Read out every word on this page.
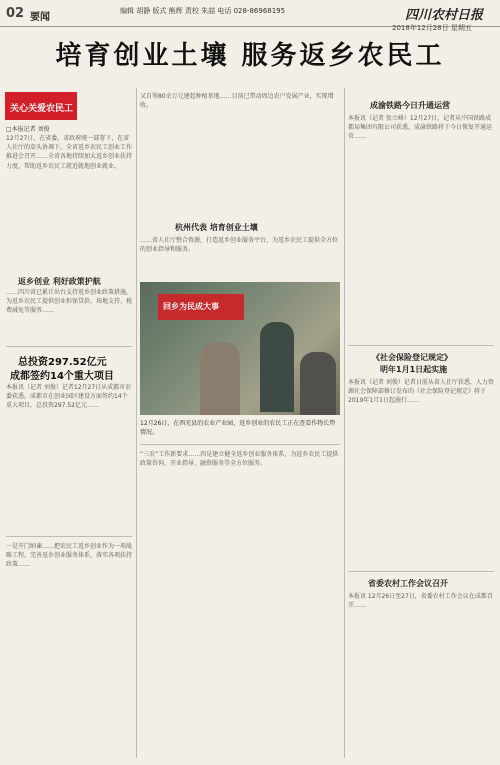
02 要闻
编辑 胡静 版式 熊辉 责校 朱喆 电话 028-86968195	四川农村日报
2018年12月28日 星期五
培育创业土壤 服务返乡农民工
关心关爱农民工
□本报记者 刘俊
12月27日，在省委、省政府统一部署下，在省人社厅的牵头协调下，全省返乡农民工创业工作推进会召开……全省各地持续加大返乡创业扶持力度，帮助返乡农民工就近就地创业就业。
返乡创业 利好政策护航
……四川省已累计出台支持返乡创业政策措施，为返乡农民工提供创业担保贷款、场地支持、税费减免等服务……
总投资297.52亿元
成都签约14个重大项目
本报讯（记者 刘俊）记者12月27日从成都市农委获悉，成都市在创业园区建设方面签约14个重大项目，总投资297.52亿元……
一是开门纳谏……把农民工返乡创业作为一项战略工程，完善返乡创业服务体系，落实各项扶持政策……
又自筹80余万元建起种植基地……目前已带动周边农户发展产业，实现增收。
杭州代表 培育创业土壤
……省人社厅整合资源，打造返乡创业服务平台，为返乡农民工提供全方位的创业指导和服务。
回乡为民成大事
12月26日，在西充县的农业产业园，返乡创业的农民工正在查看作物长势情况。
“三农”工作新要求……四是建立健全返乡创业服务体系，为返乡农民工提供政策咨询、开业指导、融资服务等全方位服务。
成渝铁路今日升通运营
本报讯（记者 张立峰）12月27日，记者从中国铁路成都局集团有限公司获悉，成渝铁路将于今日恢复开通运营……
《社会保险登记规定》
明年1月1日起实施
本报讯（记者 刘俊）记者日前从省人社厅获悉，人力资源社会保障部修订发布的《社会保险登记规定》将于2019年1月1日起施行……
省委农村工作会议召开
本报讯 12月26日至27日，省委农村工作会议在成都召开……
